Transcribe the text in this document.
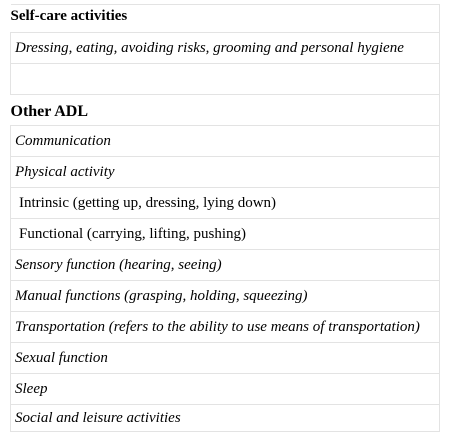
Self-care activities
Dressing, eating, avoiding risks, grooming and personal hygiene

Other ADL
Communication
Physical activity
Intrinsic (getting up, dressing, lying down)
Functional (carrying, lifting, pushing)
Sensory function (hearing, seeing)
Manual functions (grasping, holding, squeezing)
Transportation (refers to the ability to use means of transportation)
Sexual function
Sleep
Social and leisure activities
